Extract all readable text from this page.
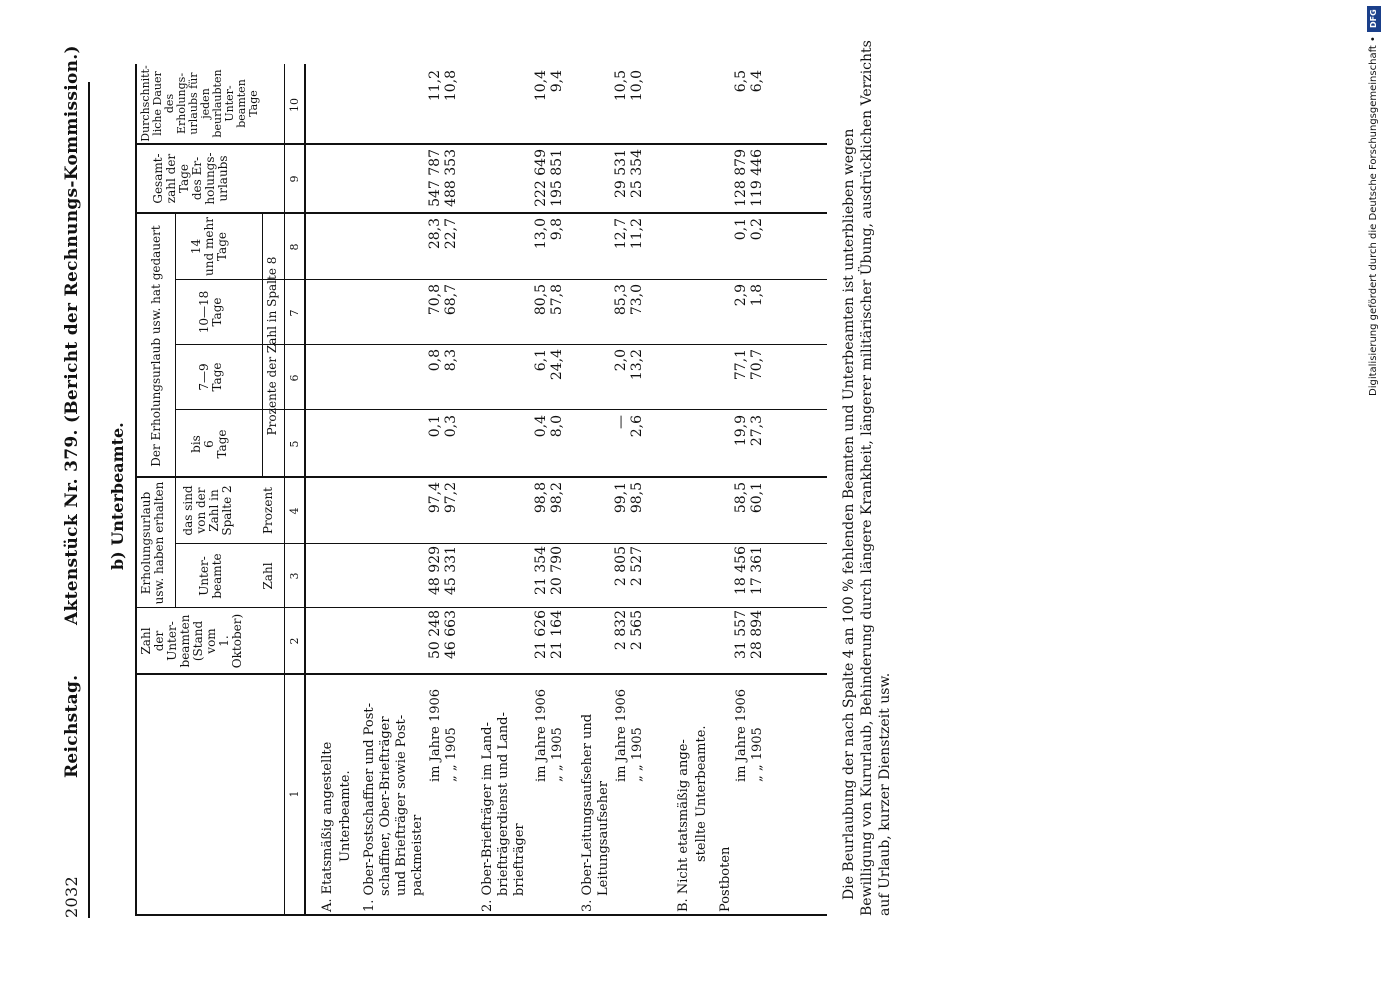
2032
Reichstag.
Aktenstück Nr. 379. (Bericht der Rechnungs-Kommission.)	b) Unterbeamte.
Zahl
der
Unter-
beamten
(Stand
vom
1. Oktober)
Erholungsurlaub
usw. haben erhalten
Unter-
beamte	Zahl
das sind
von der
Zahl in
Spalte 2 Prozent
Der Erholungsurlaub usw. hat gedauert bis
6
Tage
7—9
Tage
10—18
Tage
14
und mehr
Tage
Prozente der Zahl in Spalte 8
Gesamt-
zahl der
Tage
des Er-
holungs-
urlaubs
Durchschnitt-
liche Dauer
des
Erholungs-
urlaubs für
jeden
beurlaubten
Unter-
beamten
Tage
1
2
3
4
5
6
7
8
9
10
A. Etatsmäßig angestellte Unterbeamte. 1. Ober-Postschaffner und Post- schaffner, Ober-Briefträger und Briefträger sowie Post- packmeister
im Jahre 1906 „ „ 1905 2. Ober-Briefträger im Land- briefträgerdienst und Land- briefträger
im Jahre 1906 „ „ 1905 3. Ober-Leitungsaufseher und Leitungsaufseher
im Jahre 1906 „ „ 1905 B. Nicht etatsmäßig ange- stellte Unterbeamte.
Postboten
im Jahre 1906 „ „ 1905
50 248
48 929
97,4
0,1
0,8
70,8
28,3
547 787
11,2
46 663
45 331
97,2
0,3
8,3
68,7
22,7
488 353
10,8
21 626
21 354
98,8
0,4
6,1
80,5
13,0
222 649
10,4
21 164
20 790
98,2
8,0
24,4
57,8
9,8
195 851
9,4
2 832
2 805
99,1
—
2,0
85,3
12,7
29 531
10,5
2 565
2 527
98,5
2,6
13,2
73,0
11,2
25 354
10,0
31 557
18 456
58,5
19,9
77,1
2,9
0,1
128 879
6,5
28 894
17 361
60,1
27,3
70,7
1,8
0,2
119 446
6,4
Die Beurlaubung der nach Spalte 4 an 100 % fehlenden Beamten und Unterbeamten ist unterblieben wegen Bewilligung von Kururlaub, Behinderung durch längere Krankheit, längerer militärischer Übung, ausdrücklichen Verzichts auf Urlaub, kurzer Dienstzeit usw.
DFG
Digitalisierung gefördert durch die Deutsche Forschungsgemeinschaft •
